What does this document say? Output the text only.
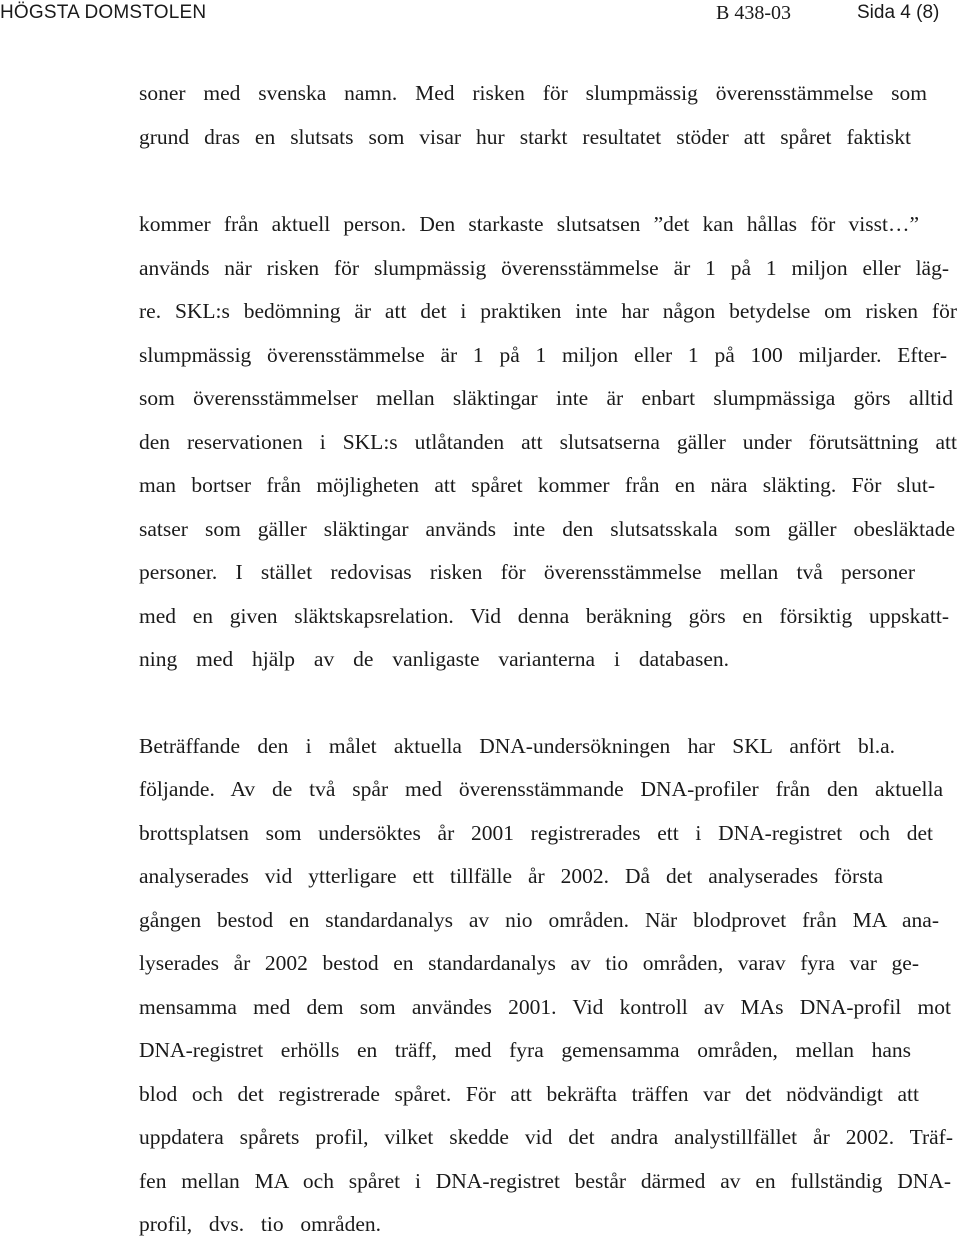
HÖGSTA DOMSTOLEN	B 438-03	Sida 4 (8)
soner med svenska namn. Med risken för slumpmässig överensstämmelse som
grund dras en slutsats som visar hur starkt resultatet stöder att spåret faktiskt
kommer från aktuell person. Den starkaste slutsatsen ”det kan hållas för visst…”
används när risken för slumpmässig överensstämmelse är 1 på 1 miljon eller läg-
re. SKL:s bedömning är att det i praktiken inte har någon betydelse om risken för
slumpmässig överensstämmelse är 1 på 1 miljon eller 1 på 100 miljarder. Efter-
som överensstämmelser mellan släktingar inte är enbart slumpmässiga görs alltid
den reservationen i SKL:s utlåtanden att slutsatserna gäller under förutsättning att
man bortser från möjligheten att spåret kommer från en nära släkting. För slut-
satser som gäller släktingar används inte den slutsatsskala som gäller obesläktade
personer. I stället redovisas risken för överensstämmelse mellan två personer
med en given släktskapsrelation. Vid denna beräkning görs en försiktig uppskatt-
ning med hjälp av de vanligaste varianterna i databasen.
Beträffande den i målet aktuella DNA-undersökningen har SKL anfört bl.a.
följande. Av de två spår med överensstämmande DNA-profiler från den aktuella
brottsplatsen som undersöktes år 2001 registrerades ett i DNA-registret och det
analyserades vid ytterligare ett tillfälle år 2002. Då det analyserades första
gången bestod en standardanalys av nio områden. När blodprovet från MA ana-
lyserades år 2002 bestod en standardanalys av tio områden, varav fyra var ge-
mensamma med dem som användes 2001. Vid kontroll av MAs DNA-profil mot
DNA-registret erhölls en träff, med fyra gemensamma områden, mellan hans
blod och det registrerade spåret. För att bekräfta träffen var det nödvändigt att
uppdatera spårets profil, vilket skedde vid det andra analystillfället år 2002. Träf-
fen mellan MA och spåret i DNA-registret består därmed av en fullständig DNA-
profil, dvs. tio områden.
